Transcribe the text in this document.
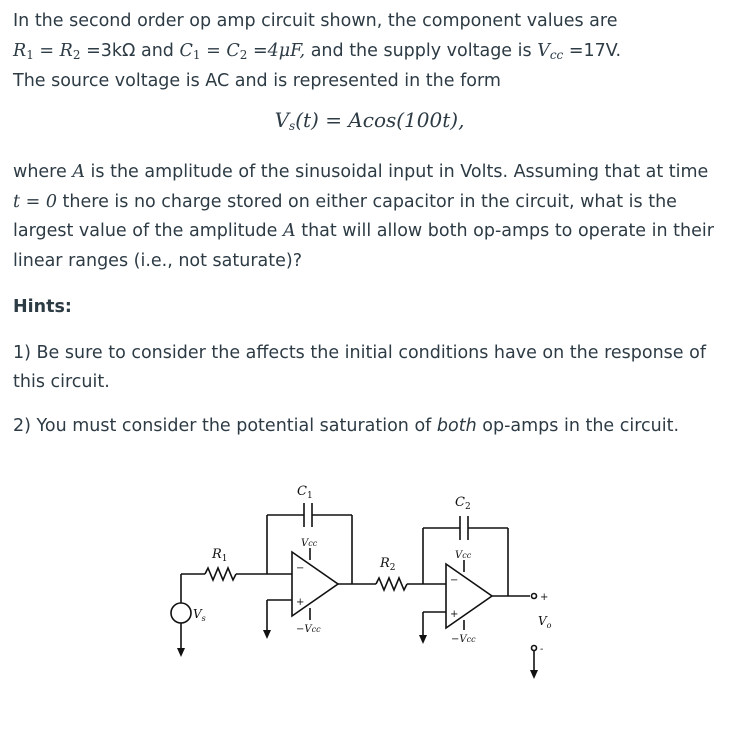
In the second order op amp circuit shown, the component values are

$R_1 = R_2 =3k\Omega$ and $C_1 = C_2 =4\mu F$, and the supply voltage is $V_{cc} =17V$.

The source voltage is AC and is represented in the form

$V_s(t) = Acos(100t)$,

where A is the amplitude of the sinusoidal input in Volts. Assuming that at time

t = 0 there is no charge stored on either capacitor in the circuit, what is the

largest value of the amplitude A that will allow both op-amps to operate in their

linear ranges (i.e., not saturate)?

Hints:

1) Be sure to consider the affects the initial conditions have on the response of

this circuit.

2) You must consider the potential saturation of both op-amps in the circuit.

$C_1$	$C_2$
$R_1$	$R_2$
Vcc
Vcc
−Vcc
−Vcc
$V_s$	$V_o$
+
−
+
−
+
-
